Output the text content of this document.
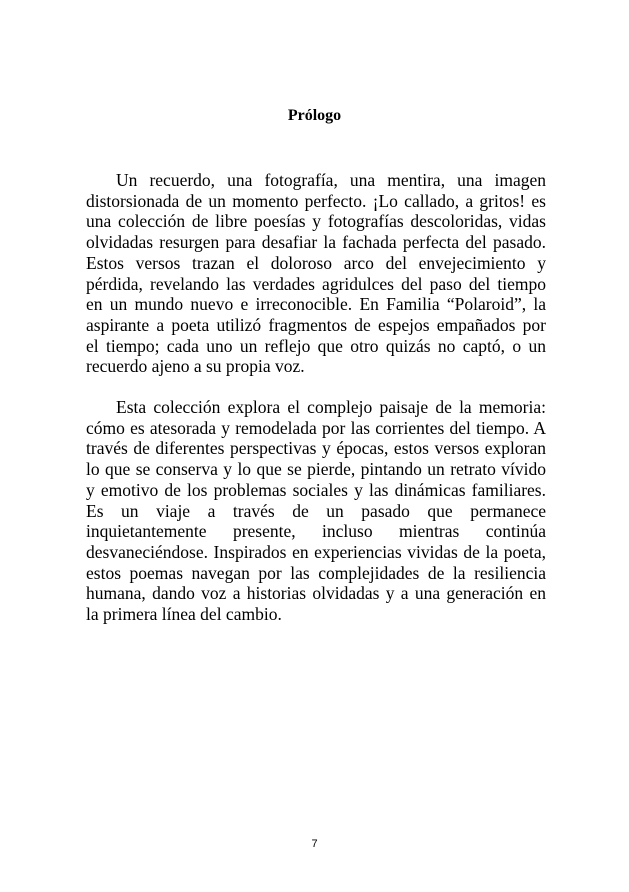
Prólogo
Un recuerdo, una fotografía, una mentira, una imagen
distorsionada de un momento perfecto. ¡Lo callado, a gritos! es
una colección de libre poesías y fotografías descoloridas, vidas
olvidadas resurgen para desafiar la fachada perfecta del pasado.
Estos versos trazan el doloroso arco del envejecimiento y
pérdida, revelando las verdades agridulces del paso del tiempo
en un mundo nuevo e irreconocible. En Familia “Polaroid”, la
aspirante a poeta utilizó fragmentos de espejos empañados por
el tiempo; cada uno un reflejo que otro quizás no captó, o un
recuerdo ajeno a su propia voz.
Esta colección explora el complejo paisaje de la memoria:
cómo es atesorada y remodelada por las corrientes del tiempo. A
través de diferentes perspectivas y épocas, estos versos exploran
lo que se conserva y lo que se pierde, pintando un retrato vívido
y emotivo de los problemas sociales y las dinámicas familiares.
Es un viaje a través de un pasado que permanece
inquietantemente presente, incluso mientras continúa
desvaneciéndose. Inspirados en experiencias vividas de la poeta,
estos poemas navegan por las complejidades de la resiliencia
humana, dando voz a historias olvidadas y a una generación en
la primera línea del cambio.
7
